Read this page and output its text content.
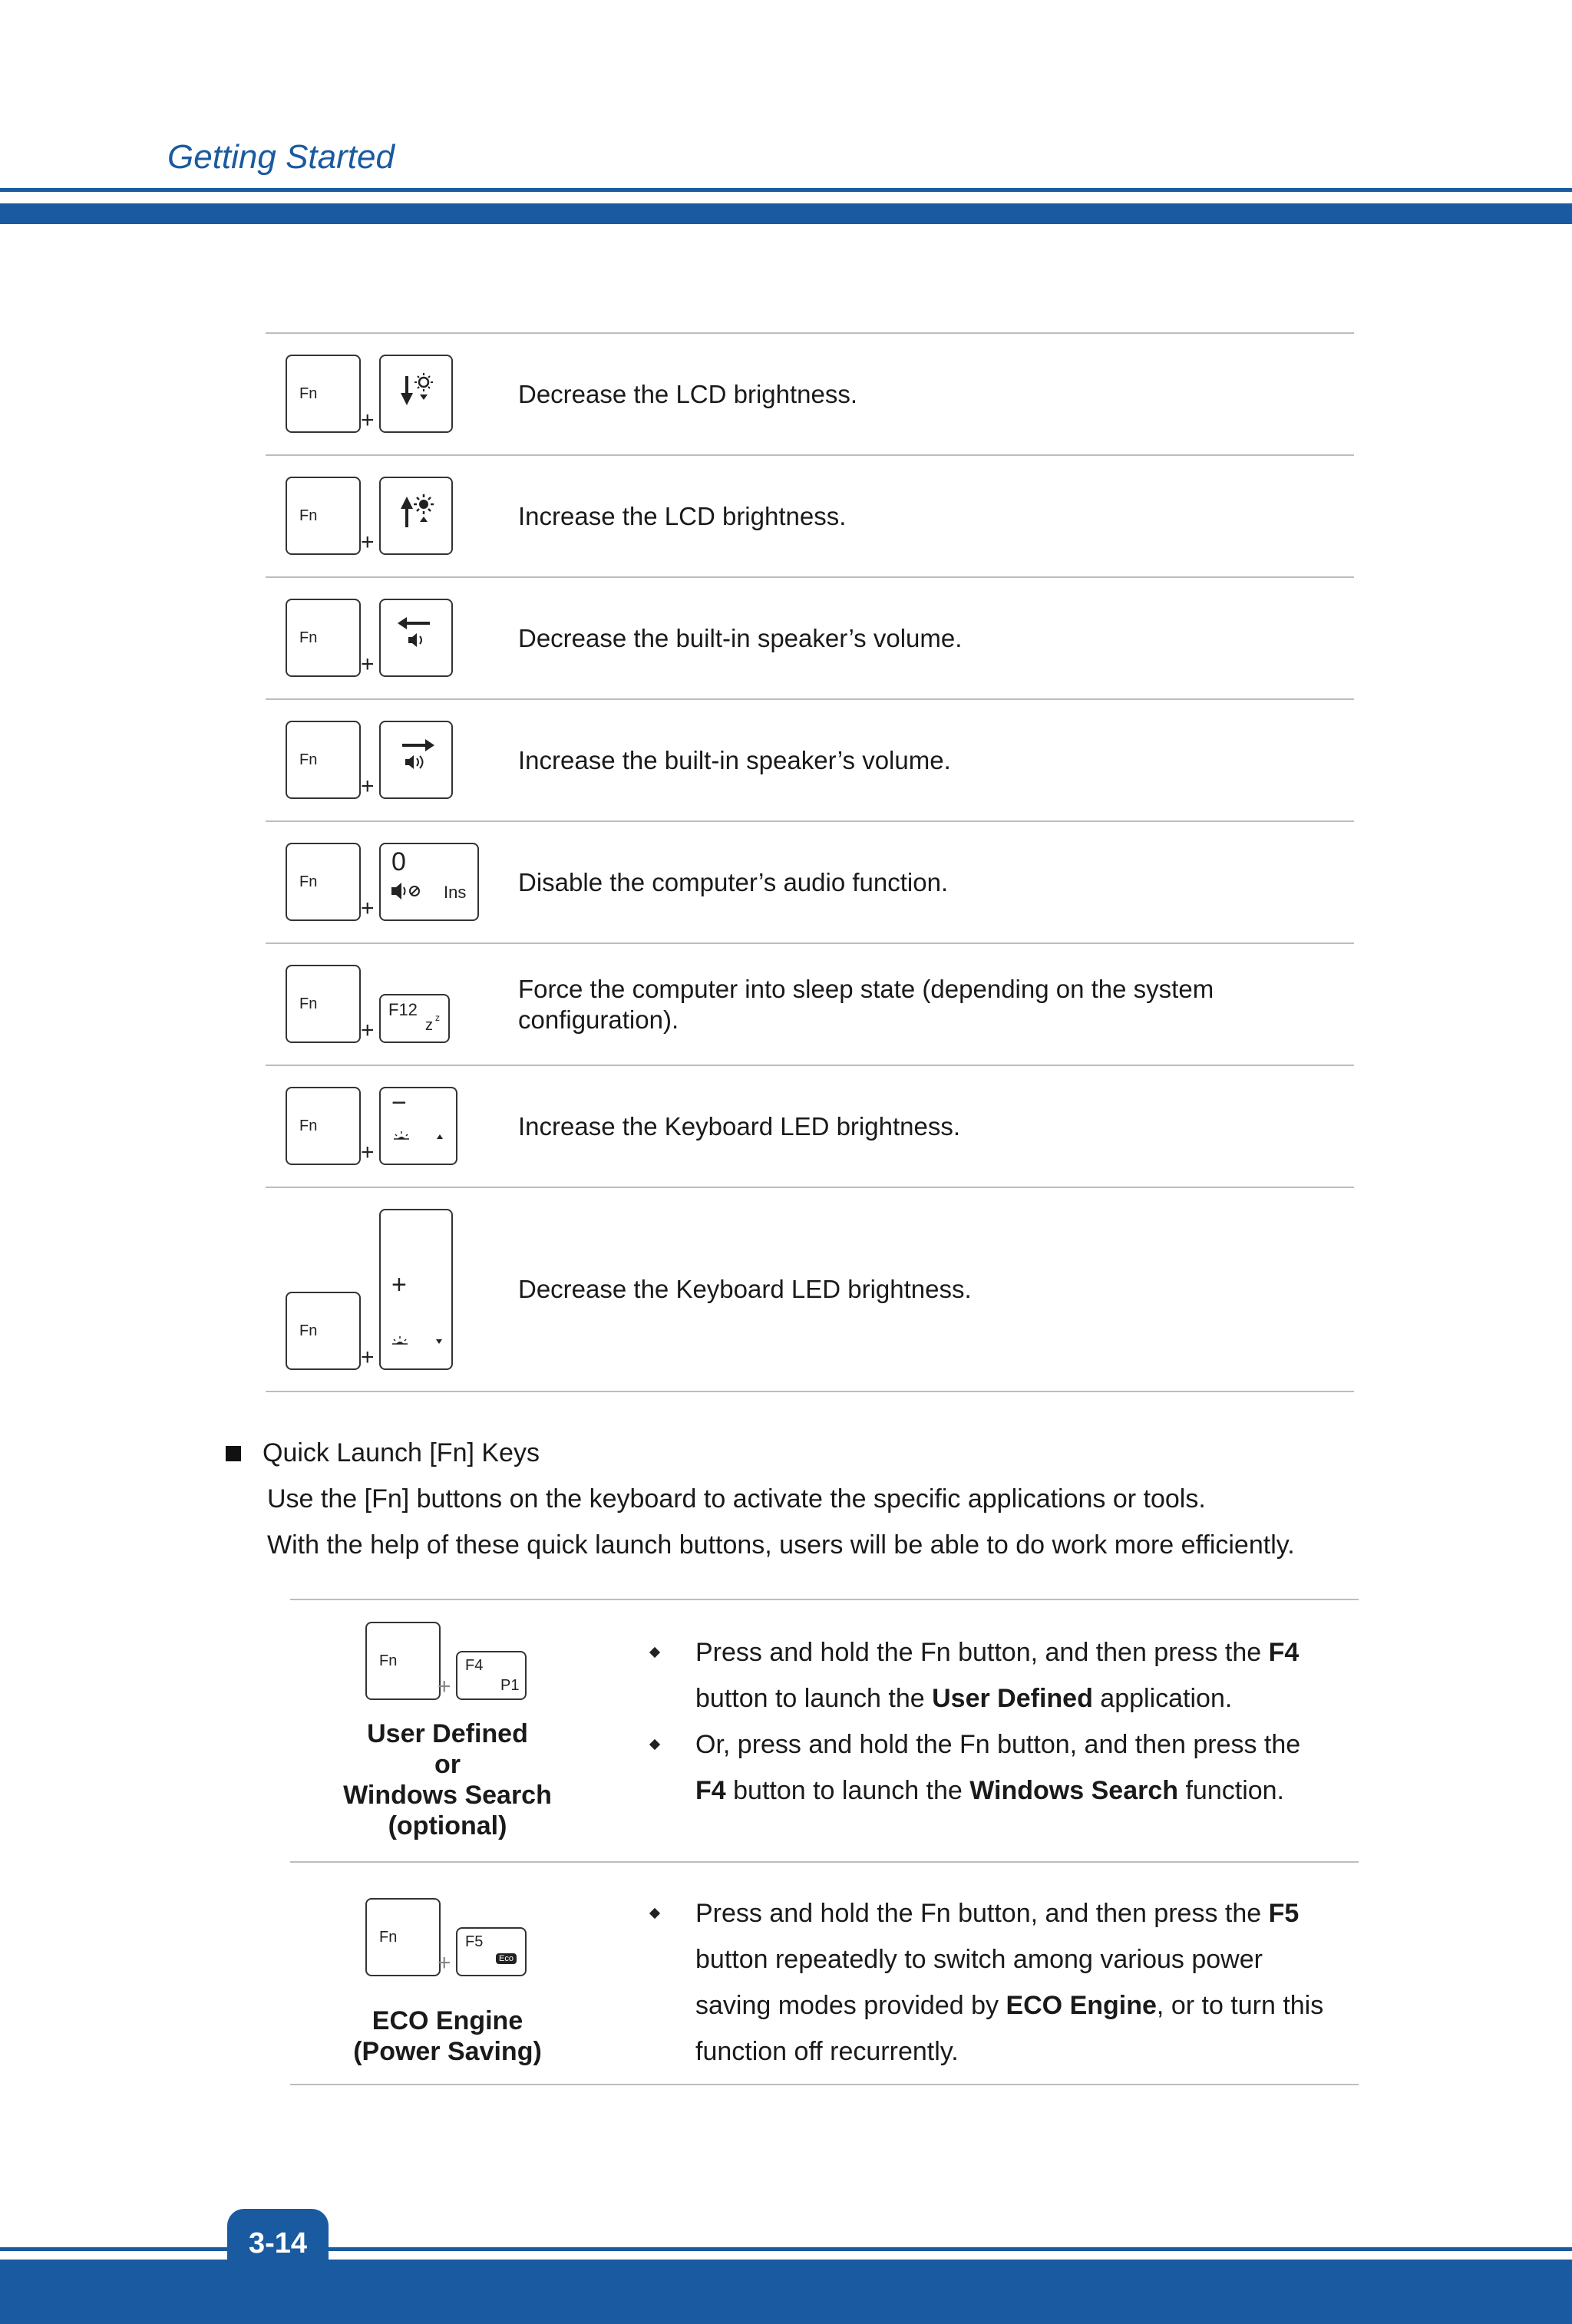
Getting Started
Fn
+
Decrease the LCD brightness.
Fn
+
Increase the LCD brightness.
Fn
+
Decrease the built-in speaker’s volume.
Fn
+
Increase the built-in speaker’s volume.
Fn
+
0
Ins Disable the computer’s audio function.
Fn
+
F12
z z
Force the computer into sleep state (depending on the system configuration).
Fn
+
−
Increase the Keyboard LED brightness.
Fn
+
+	Decrease the Keyboard LED brightness.
Quick Launch [Fn] Keys
Use the [Fn] buttons on the keyboard to activate the specific applications or tools.
With the help of these quick launch buttons, users will be able to do work more efficiently.
Fn
+
F4
P1
User Defined
or
Windows Search
(optional)
Press and hold the Fn button, and then press the F4 button to launch the User Defined application.
Or, press and hold the Fn button, and then press the F4 button to launch the Windows Search function.
Fn
+
F5
Eco
ECO Engine
(Power Saving)
Press and hold the Fn button, and then press the F5 button repeatedly to switch among various power saving modes provided by ECO Engine, or to turn this function off recurrently.
3-14
